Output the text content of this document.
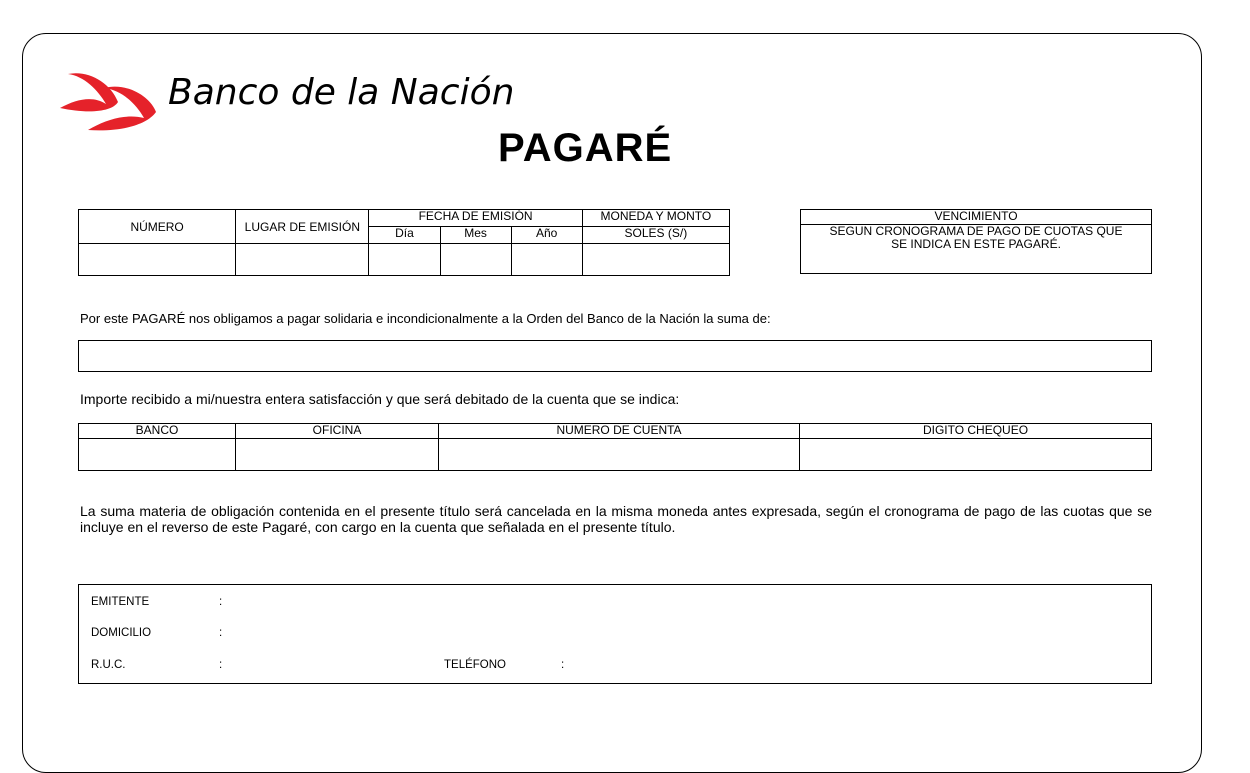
Banco de la Nación
PAGARÉ
NÚMERO	LUGAR DE EMISIÓN	FECHA DE EMISIÓN			MONEDA Y MONTO
		Día	Mes	Año	SOLES (S/)

VENCIMIENTO
SEGUN CRONOGRAMA DE PAGO DE CUOTAS QUE SE INDICA EN ESTE PAGARÉ.
Por este PAGARÉ nos obligamos a pagar solidaria e incondicionalmente a la Orden del Banco de la Nación la suma de:
Importe recibido a mi/nuestra entera satisfacción y que será debitado de la cuenta que se indica:
BANCO	OFICINA	NUMERO DE CUENTA	DIGITO CHEQUEO

La suma materia de obligación contenida en el presente título será cancelada en la misma moneda antes expresada, según el cronograma de pago de las cuotas que se incluye en el reverso de este Pagaré, con cargo en la cuenta que señalada en el presente título.
EMITENTE	:
DOMICILIO	:
R.U.C.	:	TELÉFONO	:
